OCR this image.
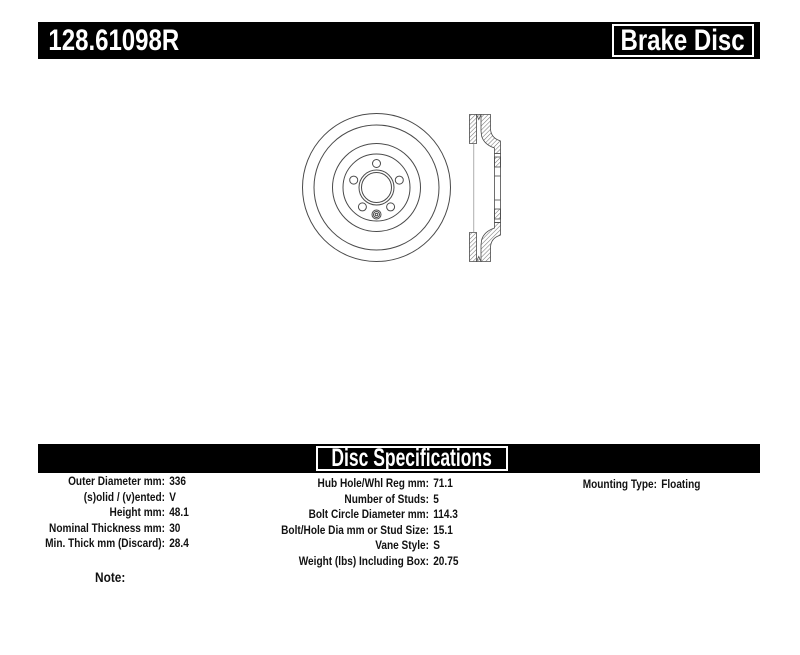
128.61098R	Brake Disc
Disc Specifications
Outer Diameter mm: 336
(s)olid / (v)ented: V
Height mm: 48.1
Nominal Thickness mm: 30
Min. Thick mm (Discard): 28.4
Hub Hole/Whl Reg mm: 71.1
Number of Studs: 5
Bolt Circle Diameter mm: 114.3
Bolt/Hole Dia mm or Stud Size: 15.1
Vane Style: S
Weight (lbs) Including Box: 20.75
Mounting Type: Floating
Note:
